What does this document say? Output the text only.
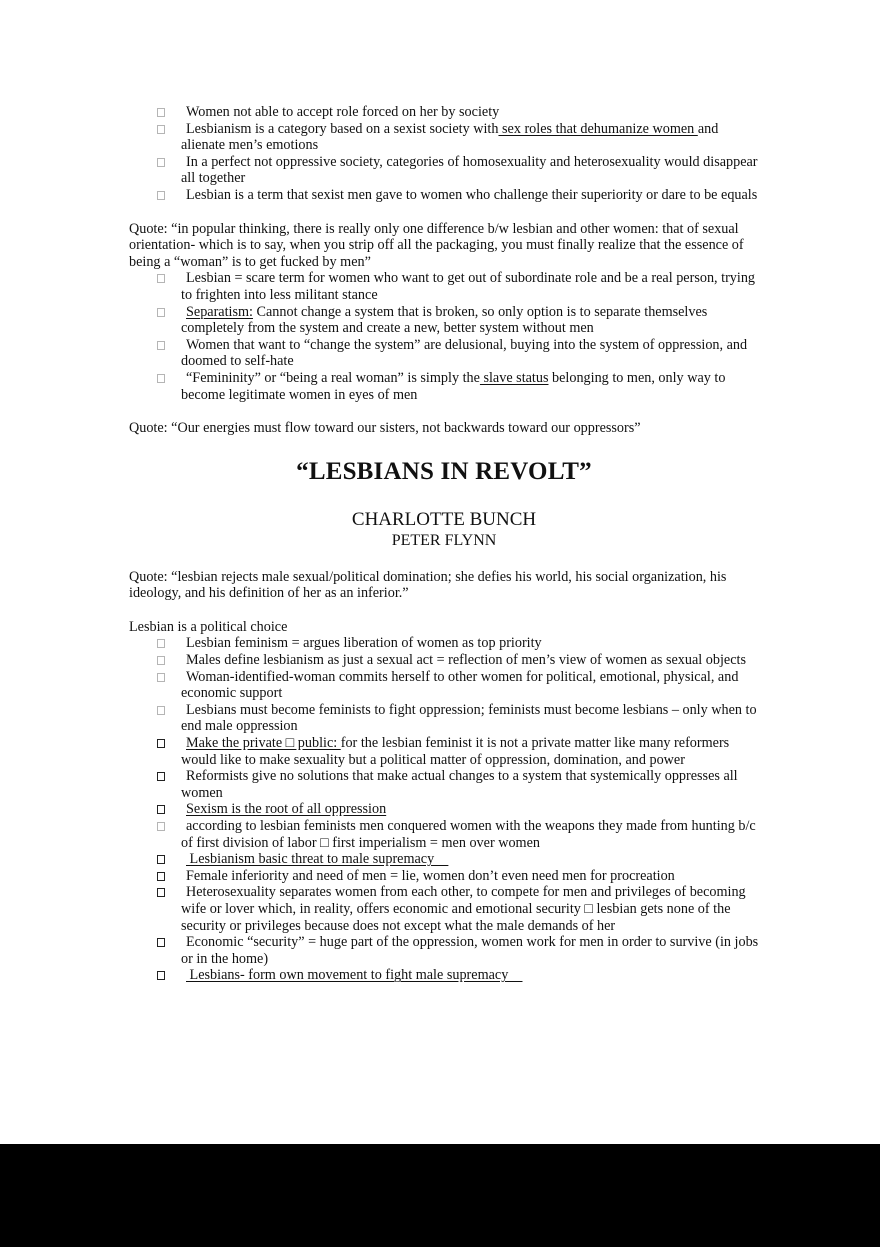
Women not able to accept role forced on her by society
Lesbianism is a category based on a sexist society with sex roles that dehumanize women and alienate men’s emotions
In a perfect not oppressive society, categories of homosexuality and heterosexuality would disappear all together
Lesbian is a term that sexist men gave to women who challenge their superiority or dare to be equals

Quote: “in popular thinking, there is really only one difference b/w lesbian and other women: that of sexual orientation- which is to say, when you strip off all the packaging, you must finally realize that the essence of being a “woman” is to get fucked by men”

Lesbian = scare term for women who want to get out of subordinate role and be a real person, trying to frighten into less militant stance
Separatism: Cannot change a system that is broken, so only option is to separate themselves completely from the system and create a new, better system without men
Women that want to “change the system” are delusional, buying into the system of oppression, and doomed to self-hate
“Femininity” or “being a real woman” is simply the slave status belonging to men, only way to become legitimate women in eyes of men

Quote: “Our energies must flow toward our sisters, not backwards toward our oppressors”

“LESBIANS IN REVOLT”

CHARLOTTE BUNCH

PETER FLYNN

Quote: “lesbian rejects male sexual/political domination; she defies his world, his social organization, his ideology, and his definition of her as an inferior.”

Lesbian is a political choice

Lesbian feminism = argues liberation of women as top priority
Males define lesbianism as just a sexual act = reflection of men’s view of women as sexual objects
Woman-identified-woman commits herself to other women for political, emotional, physical, and economic support
Lesbians must become feminists to fight oppression; feminists must become lesbians – only when to end male oppression
Make the private □ public: for the lesbian feminist it is not a private matter like many reformers would like to make sexuality but a political matter of oppression, domination, and power
Reformists give no solutions that make actual changes to a system that systemically oppresses all women
Sexism is the root of all oppression
according to lesbian feminists men conquered women with the weapons they made from hunting b/c of first division of labor □ first imperialism = men over women
Lesbianism basic threat to male supremacy
Female inferiority and need of men = lie, women don’t even need men for procreation
Heterosexuality separates women from each other, to compete for men and privileges of becoming wife or lover which, in reality, offers economic and emotional security □ lesbian gets none of the security or privileges because does not except what the male demands of her
Economic “security” = huge part of the oppression, women work for men in order to survive (in jobs or in the home)
Lesbians- form own movement to fight male supremacy
